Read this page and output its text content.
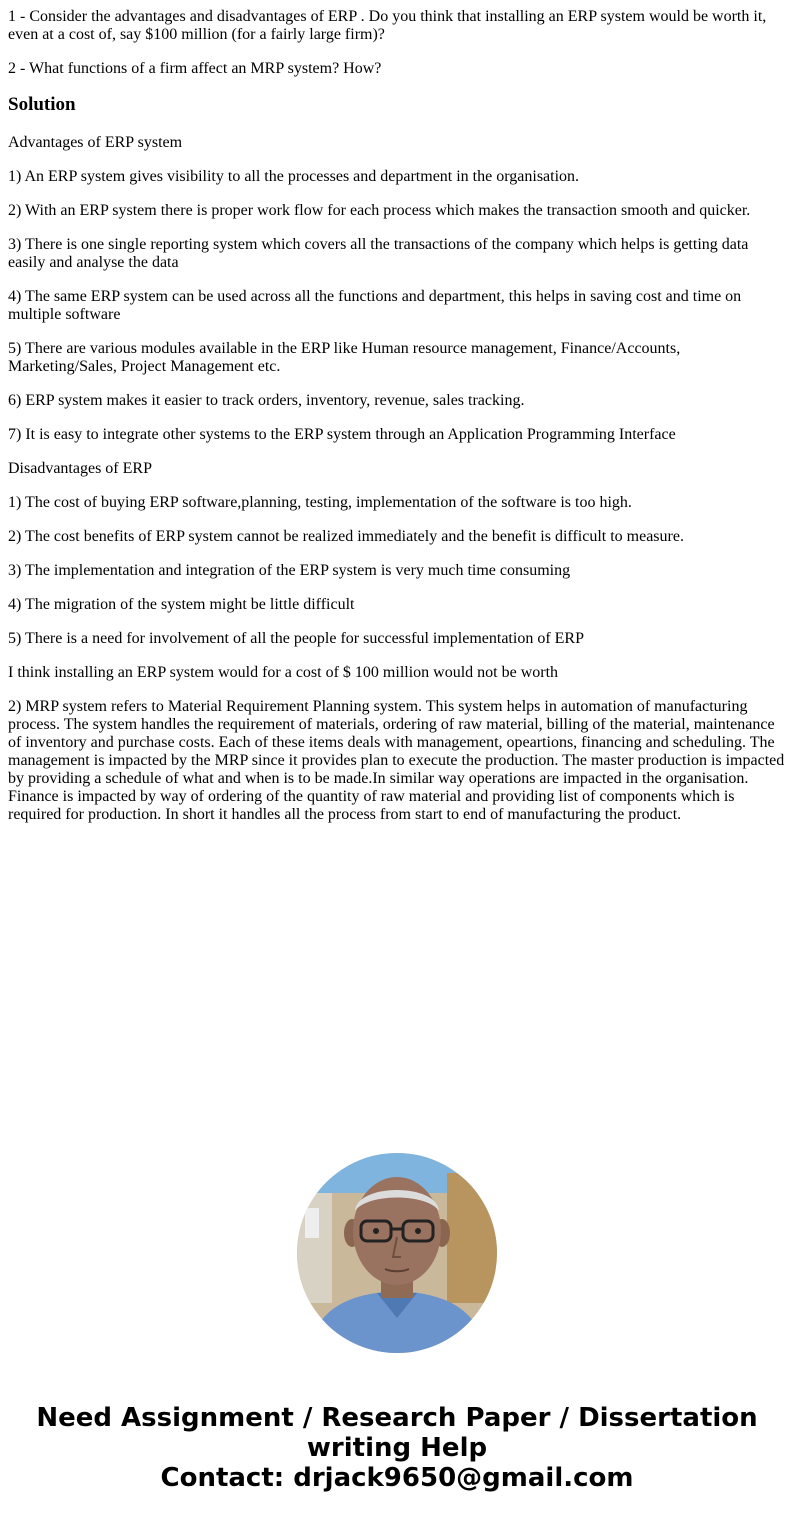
1 - Consider the advantages and disadvantages of ERP . Do you think that installing an ERP system would be worth it, even at a cost of, say $100 million (for a fairly large firm)?

2 - What functions of a firm affect an MRP system? How?

Solution

Advantages of ERP system

1) An ERP system gives visibility to all the processes and department in the organisation.

2) With an ERP system there is proper work flow for each process which makes the transaction smooth and quicker.

3) There is one single reporting system which covers all the transactions of the company which helps is getting data easily and analyse the data

4) The same ERP system can be used across all the functions and department, this helps in saving cost and time on multiple software

5) There are various modules available in the ERP like Human resource management, Finance/Accounts, Marketing/Sales, Project Management etc.

6) ERP system makes it easier to track orders, inventory, revenue, sales tracking.

7) It is easy to integrate other systems to the ERP system through an Application Programming Interface

Disadvantages of ERP

1) The cost of buying ERP software,planning, testing, implementation of the software is too high.

2) The cost benefits of ERP system cannot be realized immediately and the benefit is difficult to measure.

3) The implementation and integration of the ERP system is very much time consuming

4) The migration of the system might be little difficult

5) There is a need for involvement of all the people for successful implementation of ERP

I think installing an ERP system would for a cost of $ 100 million would not be worth

2) MRP system refers to Material Requirement Planning system. This system helps in automation of manufacturing process. The system handles the requirement of materials, ordering of raw material, billing of the material, maintenance of inventory and purchase costs. Each of these items deals with management, opeartions, financing and scheduling. The management is impacted by the MRP since it provides plan to execute the production. The master production is impacted by providing a schedule of what and when is to be made.In similar way operations are impacted in the organisation. Finance is impacted by way of ordering of the quantity of raw material and providing list of components which is required for production. In short it handles all the process from start to end of manufacturing the product.

Need Assignment / Research Paper / Dissertation
writing Help
Contact: drjack9650@gmail.com
